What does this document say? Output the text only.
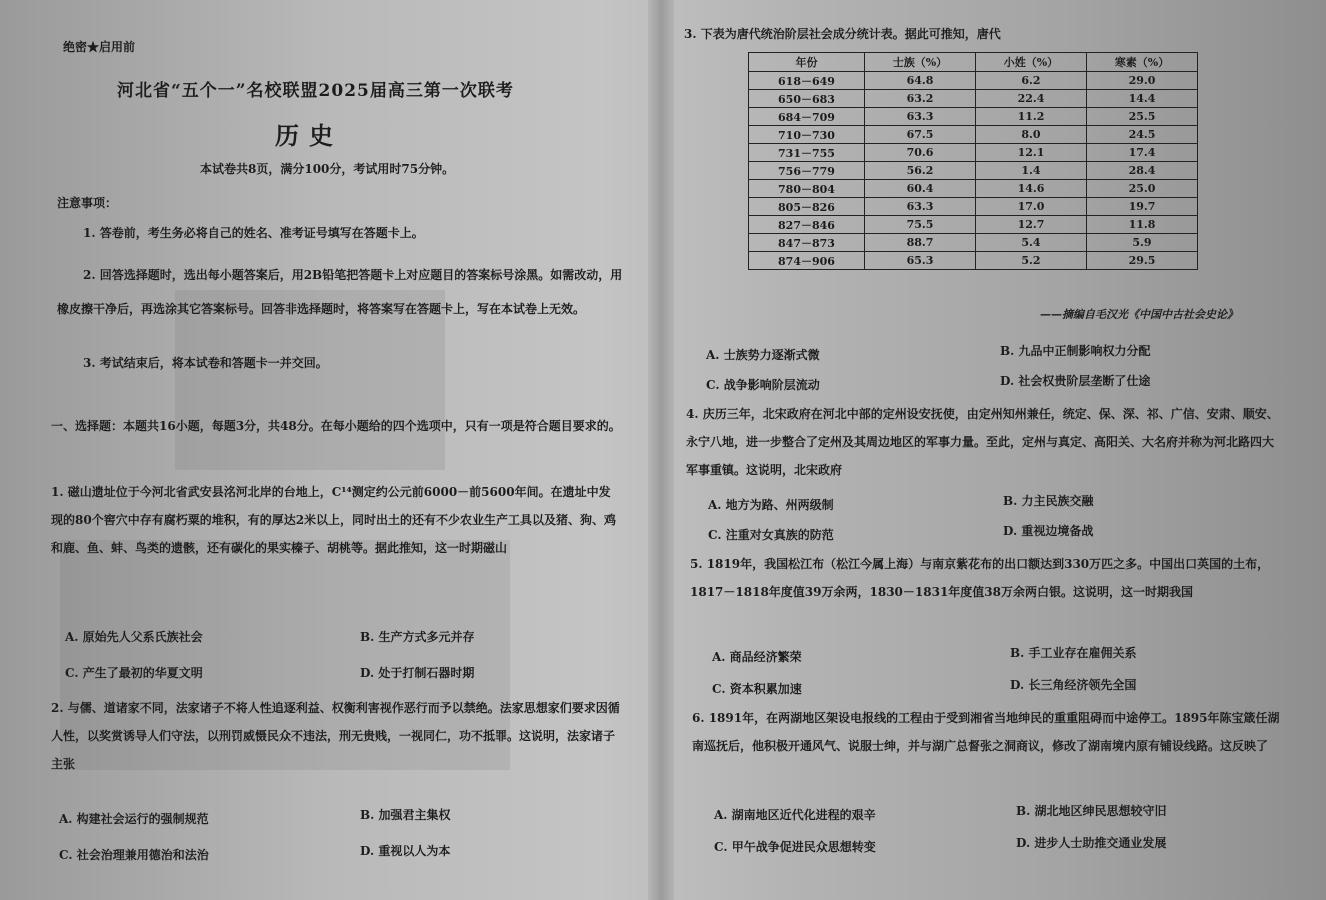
绝密★启用前
河北省“五个一”名校联盟2025届高三第一次联考
历史
本试卷共8页，满分100分，考试用时75分钟。
注意事项：
1. 答卷前，考生务必将自己的姓名、准考证号填写在答题卡上。
2. 回答选择题时，选出每小题答案后，用2B铅笔把答题卡上对应题目的答案标号涂黑。如需改动，用橡皮擦干净后，再选涂其它答案标号。回答非选择题时，将答案写在答题卡上，写在本试卷上无效。
3. 考试结束后，将本试卷和答题卡一并交回。
一、选择题：本题共16小题，每题3分，共48分。在每小题给的四个选项中，只有一项是符合题目要求的。
1. 磁山遗址位于今河北省武安县洺河北岸的台地上，C¹⁴测定约公元前6000－前5600年间。在遗址中发现的80个窖穴中存有腐朽粟的堆积，有的厚达2米以上，同时出土的还有不少农业生产工具以及猪、狗、鸡和鹿、鱼、蚌、鸟类的遗骸，还有碳化的果实榛子、胡桃等。据此推知，这一时期磁山
A. 原始先人父系氏族社会	B. 生产方式多元并存
C. 产生了最初的华夏文明	D. 处于打制石器时期
2. 与儒、道诸家不同，法家诸子不将人性追逐利益、权衡利害视作恶行而予以禁绝。法家思想家们要求因循人性，以奖赏诱导人们守法，以刑罚威慑民众不违法，刑无贵贱，一视同仁，功不抵罪。这说明，法家诸子主张
A. 构建社会运行的强制规范	B. 加强君主集权
C. 社会治理兼用德治和法治	D. 重视以人为本
3. 下表为唐代统治阶层社会成分统计表。据此可推知，唐代
年份	士族（%）	小姓（%）	寒素（%）
618－649	64.8	6.2	29.0
650－683	63.2	22.4	14.4
684－709	63.3	11.2	25.5
710－730	67.5	8.0	24.5
731－755	70.6	12.1	17.4
756－779	56.2	1.4	28.4
780－804	60.4	14.6	25.0
805－826	63.3	17.0	19.7
827－846	75.5	12.7	11.8
847－873	88.7	5.4	5.9
874－906	65.3	5.2	29.5
——摘编自毛汉光《中国中古社会史论》
A. 士族势力逐渐式微	B. 九品中正制影响权力分配
C. 战争影响阶层流动	D. 社会权贵阶层垄断了仕途
4. 庆历三年，北宋政府在河北中部的定州设安抚使，由定州知州兼任，统定、保、深、祁、广信、安肃、顺安、永宁八地，进一步整合了定州及其周边地区的军事力量。至此，定州与真定、高阳关、大名府并称为河北路四大军事重镇。这说明，北宋政府
A. 地方为路、州两级制	B. 力主民族交融
C. 注重对女真族的防范	D. 重视边境备战
5. 1819年，我国松江布（松江今属上海）与南京紫花布的出口额达到330万匹之多。中国出口英国的土布，1817－1818年度值39万余两，1830－1831年度值38万余两白银。这说明，这一时期我国
A. 商品经济繁荣	B. 手工业存在雇佣关系
C. 资本积累加速	D. 长三角经济领先全国
6. 1891年，在两湖地区架设电报线的工程由于受到湘省当地绅民的重重阻碍而中途停工。1895年陈宝箴任湖南巡抚后，他积极开通风气、说服士绅，并与湖广总督张之洞商议，修改了湖南境内原有铺设线路。这反映了
A. 湖南地区近代化进程的艰辛	B. 湖北地区绅民思想较守旧
C. 甲午战争促进民众思想转变	D. 进步人士助推交通业发展
